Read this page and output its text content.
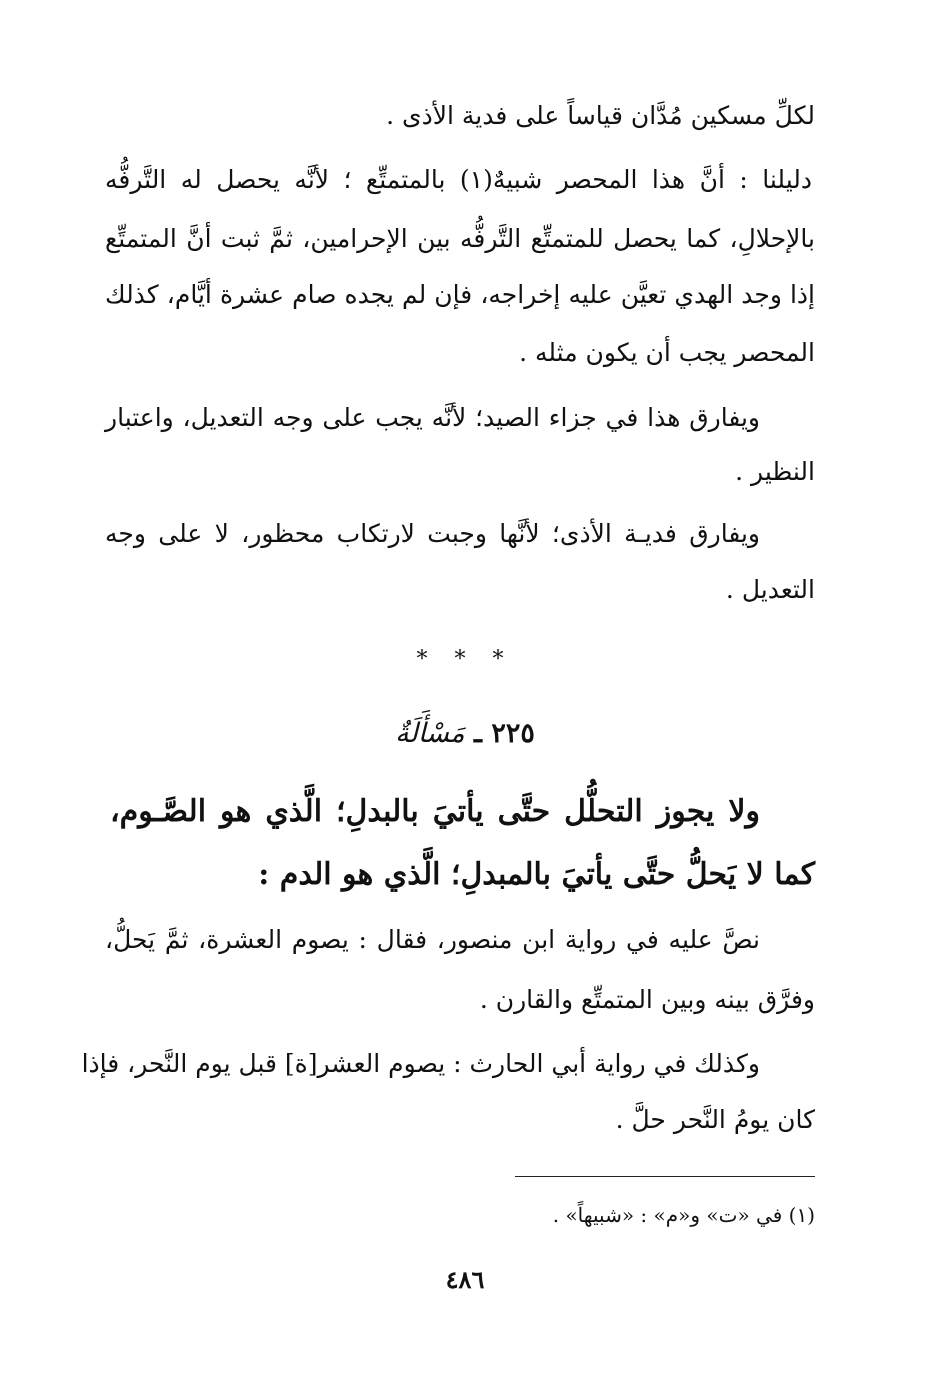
لكلِّ مسكين مُدَّان قياساً على فدية الأذى .
دليلنا : أنَّ هذا المحصر شبيهٌ(١) بالمتمتِّع ؛ لأنَّه يحصل له التَّرفُّه
بالإحلالِ، كما يحصل للمتمتِّع التَّرفُّه بين الإحرامين، ثمَّ ثبت أنَّ المتمتِّع
إذا وجد الهدي تعيَّن عليه إخراجه، فإن لم يجده صام عشرة أيَّام، كذلك
المحصر يجب أن يكون مثله .
ويفارق هذا في جزاء الصيد؛ لأنَّه يجب على وجه التعديل، واعتبار
النظير .
ويفارق فديـة الأذى؛ لأنَّها وجبت لارتكاب محظور، لا على وجه
التعديل .
* * *
٢٢٥ ـ مَسْأَلَةٌ
ولا يجوز التحلُّل حتَّى يأتيَ بالبدلِ؛ الَّذي هو الصَّـوم،
كما لا يَحلُّ حتَّى يأتيَ بالمبدلِ؛ الَّذي هو الدم :
نصَّ عليه في رواية ابن منصور، فقال : يصوم العشرة، ثمَّ يَحلُّ،
وفرَّق بينه وبين المتمتِّع والقارن .
وكذلك في رواية أبي الحارث : يصوم العشر[ة] قبل يوم النَّحر، فإذا
كان يومُ النَّحر حلَّ .
(١) في «ت» و«م» : «شبيهاً» .
٤٨٦
